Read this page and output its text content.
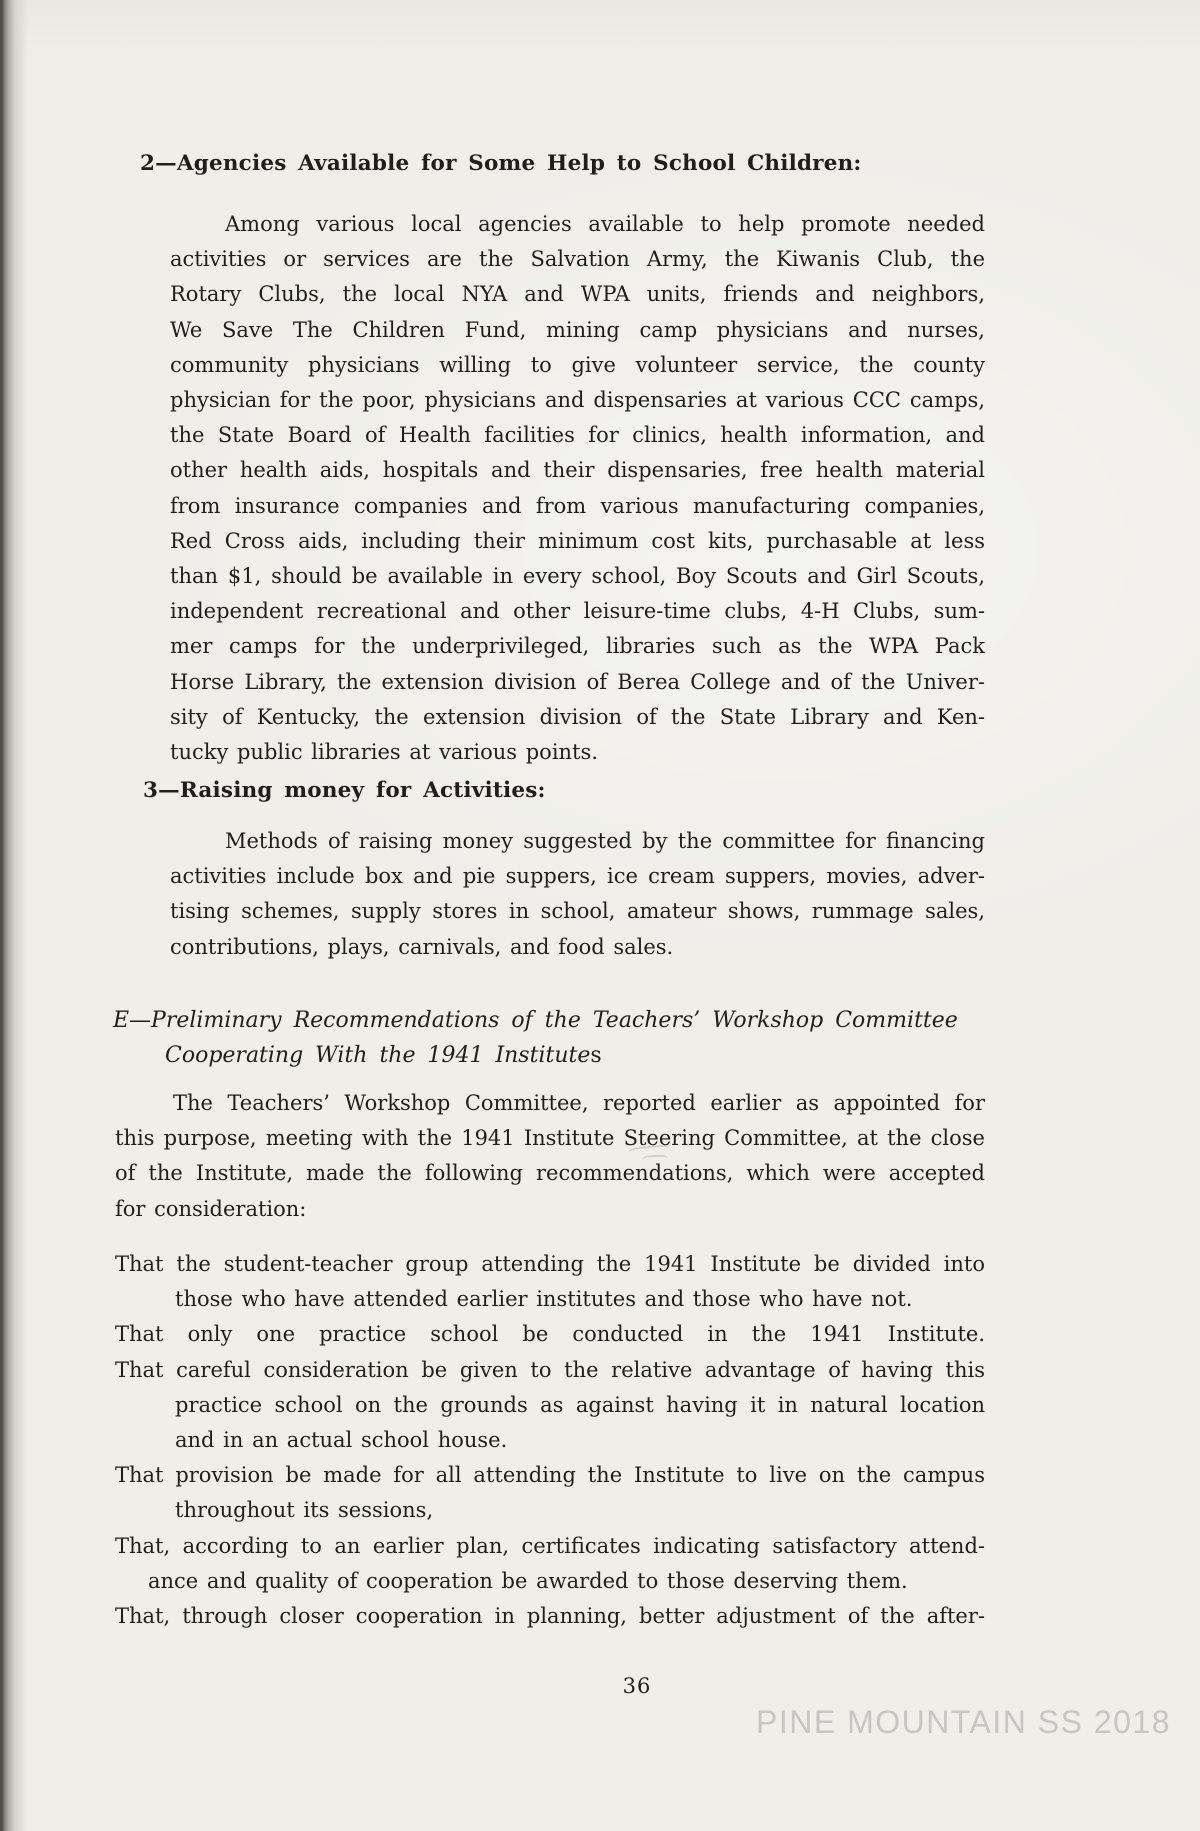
2—Agencies Available for Some Help to School Children:
Among various local agencies available to help promote needed
activities or services are the Salvation Army, the Kiwanis Club, the
Rotary Clubs, the local NYA and WPA units, friends and neighbors,
We Save The Children Fund, mining camp physicians and nurses,
community physicians willing to give volunteer service, the county
physician for the poor, physicians and dispensaries at various CCC camps,
the State Board of Health facilities for clinics, health information, and
other health aids, hospitals and their dispensaries, free health material
from insurance companies and from various manufacturing companies,
Red Cross aids, including their minimum cost kits, purchasable at less
than $1, should be available in every school, Boy Scouts and Girl Scouts,
independent recreational and other leisure-time clubs, 4-H Clubs, sum-
mer camps for the underprivileged, libraries such as the WPA Pack
Horse Library, the extension division of Berea College and of the Univer-
sity of Kentucky, the extension division of the State Library and Ken-
tucky public libraries at various points.
3—Raising money for Activities:
Methods of raising money suggested by the committee for financing
activities include box and pie suppers, ice cream suppers, movies, adver-
tising schemes, supply stores in school, amateur shows, rummage sales,
contributions, plays, carnivals, and food sales.
E—Preliminary Recommendations of the Teachers’ Workshop Committee
Cooperating With the 1941 Institutes
The Teachers’ Workshop Committee, reported earlier as appointed for
this purpose, meeting with the 1941 Institute Steering Committee, at the close
of the Institute, made the following recommendations, which were accepted
for consideration:
That the student-teacher group attending the 1941 Institute be divided into
those who have attended earlier institutes and those who have not.
That only one practice school be conducted in the 1941 Institute.
That careful consideration be given to the relative advantage of having this
practice school on the grounds as against having it in natural location
and in an actual school house.
That provision be made for all attending the Institute to live on the campus
throughout its sessions,
That, according to an earlier plan, certificates indicating satisfactory attend-
ance and quality of cooperation be awarded to those deserving them.
That, through closer cooperation in planning, better adjustment of the after-
36
PINE MOUNTAIN SS 2018
